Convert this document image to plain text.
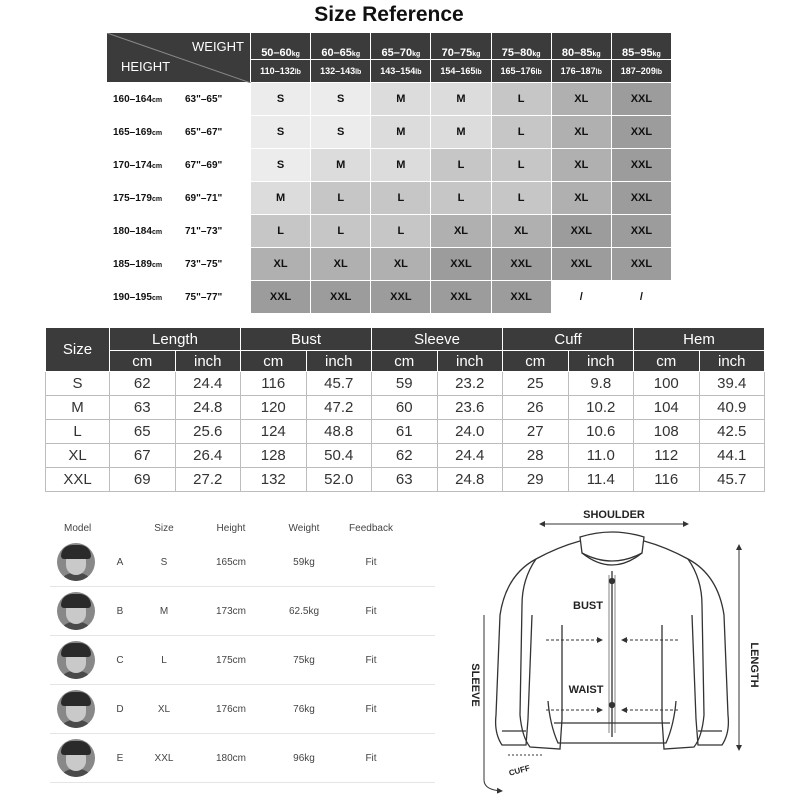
Size Reference
WEIGHT
HEIGHT		50–60kg	60–65kg	65–70kg	70–75kg	75–80kg	80–85kg	85–95kg
		110–132lb	132–143lb	143–154lb	154–165lb	165–176lb	176–187lb	187–209lb
160–164cm	63"–65"	S	S	M	M	L	XL	XXL
165–169cm	65"–67"	S	S	M	M	L	XL	XXL
170–174cm	67"–69"	S	M	M	L	L	XL	XXL
175–179cm	69"–71"	M	L	L	L	L	XL	XXL
180–184cm	71"–73"	L	L	L	XL	XL	XXL	XXL
185–189cm	73"–75"	XL	XL	XL	XXL	XXL	XXL	XXL
190–195cm	75"–77"	XXL	XXL	XXL	XXL	XXL	/	/
Size	Length		Bust		Sleeve		Cuff		Hem	
	cm	inch	cm	inch	cm	inch	cm	inch	cm	inch
S	62	24.4	116	45.7	59	23.2	25	9.8	100	39.4
M	63	24.8	120	47.2	60	23.6	26	10.2	104	40.9
L	65	25.6	124	48.8	61	24.0	27	10.6	108	42.5
XL	67	26.4	128	50.4	62	24.4	28	11.0	112	44.1
XXL	69	27.2	132	52.0	63	24.8	29	11.4	116	45.7
Model	Size	Height	Weight	Feedback
A	S	165cm	59kg	Fit
B	M	173cm	62.5kg	Fit
C	L	175cm	75kg	Fit
D	XL	176cm	76kg	Fit
E	XXL	180cm	96kg	Fit
SHOULDER
BUST
WAIST
SLEEVE	LENGTH
CUFF
